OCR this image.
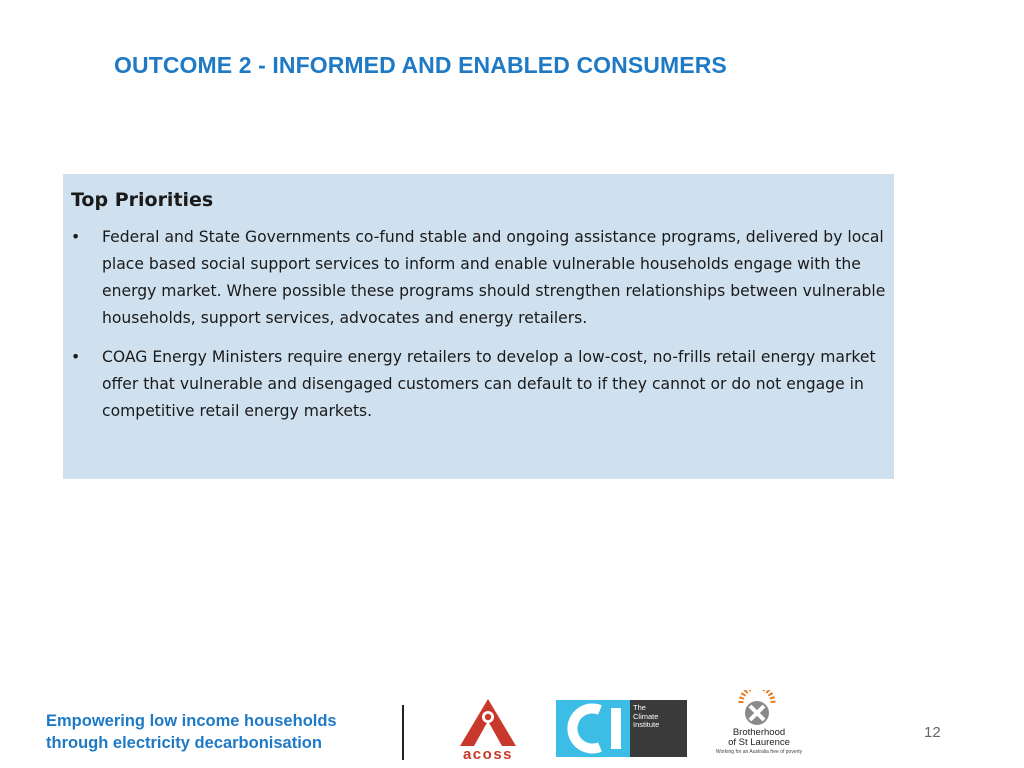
OUTCOME 2 - INFORMED AND ENABLED CONSUMERS
Top Priorities
•	Federal and State Governments co-fund stable and ongoing assistance programs, delivered by local place based social support services to inform and enable vulnerable households engage with the energy market. Where possible these programs should strengthen relationships between vulnerable households, support services, advocates and energy retailers.
•	COAG Energy Ministers require energy retailers to develop a low-cost, no-frills retail energy market offer that vulnerable and disengaged customers can default to if they cannot or do not engage in competitive retail energy markets.
Empowering low income households
through electricity decarbonisation
acoss
The
Climate
Institute
Brotherhood
of St Laurence
Working for an Australia free of poverty
12
